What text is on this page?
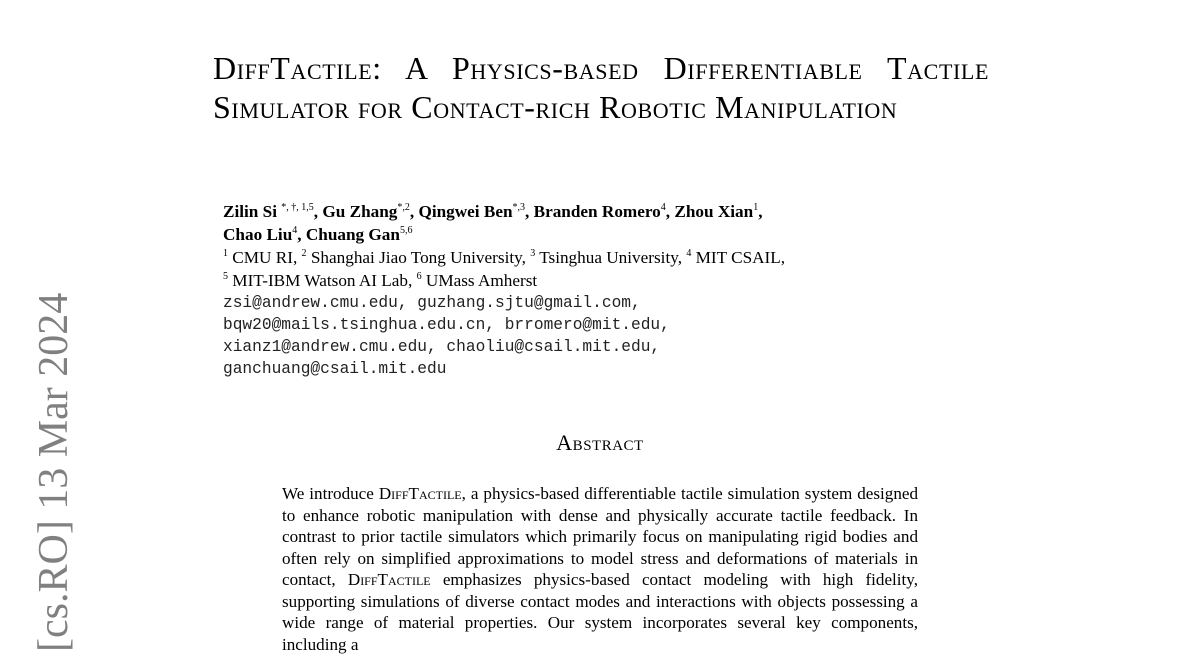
[cs.RO] 13 Mar 2024
DiffTactile: A Physics-based Differentiable Tactile Simulator for Contact-rich Robotic Manipulation
Zilin Si $^{*, \dagger, 1,5}$, Gu Zhang$^{*,2}$, Qingwei Ben$^{*,3}$, Branden Romero$^4$, Zhou Xian$^1$,
Chao Liu$^4$, Chuang Gan$^{5,6}$
$^1$ CMU RI, $^2$ Shanghai Jiao Tong University, $^3$ Tsinghua University, $^4$ MIT CSAIL,
$^5$ MIT-IBM Watson AI Lab, $^6$ UMass Amherst
zsi@andrew.cmu.edu, guzhang.sjtu@gmail.com,
bqw20@mails.tsinghua.edu.cn, brromero@mit.edu,
xianz1@andrew.cmu.edu, chaoliu@csail.mit.edu,
ganchuang@csail.mit.edu
Abstract

We introduce DiffTactile, a physics-based differentiable tactile simulation system designed to enhance robotic manipulation with dense and physically accurate tactile feedback. In contrast to prior tactile simulators which primarily focus on manipulating rigid bodies and often rely on simplified approximations to model stress and deformations of materials in contact, DiffTactile emphasizes physics-based contact modeling with high fidelity, supporting simulations of diverse contact modes and interactions with objects possessing a wide range of material properties. Our system incorporates several key components, including a
